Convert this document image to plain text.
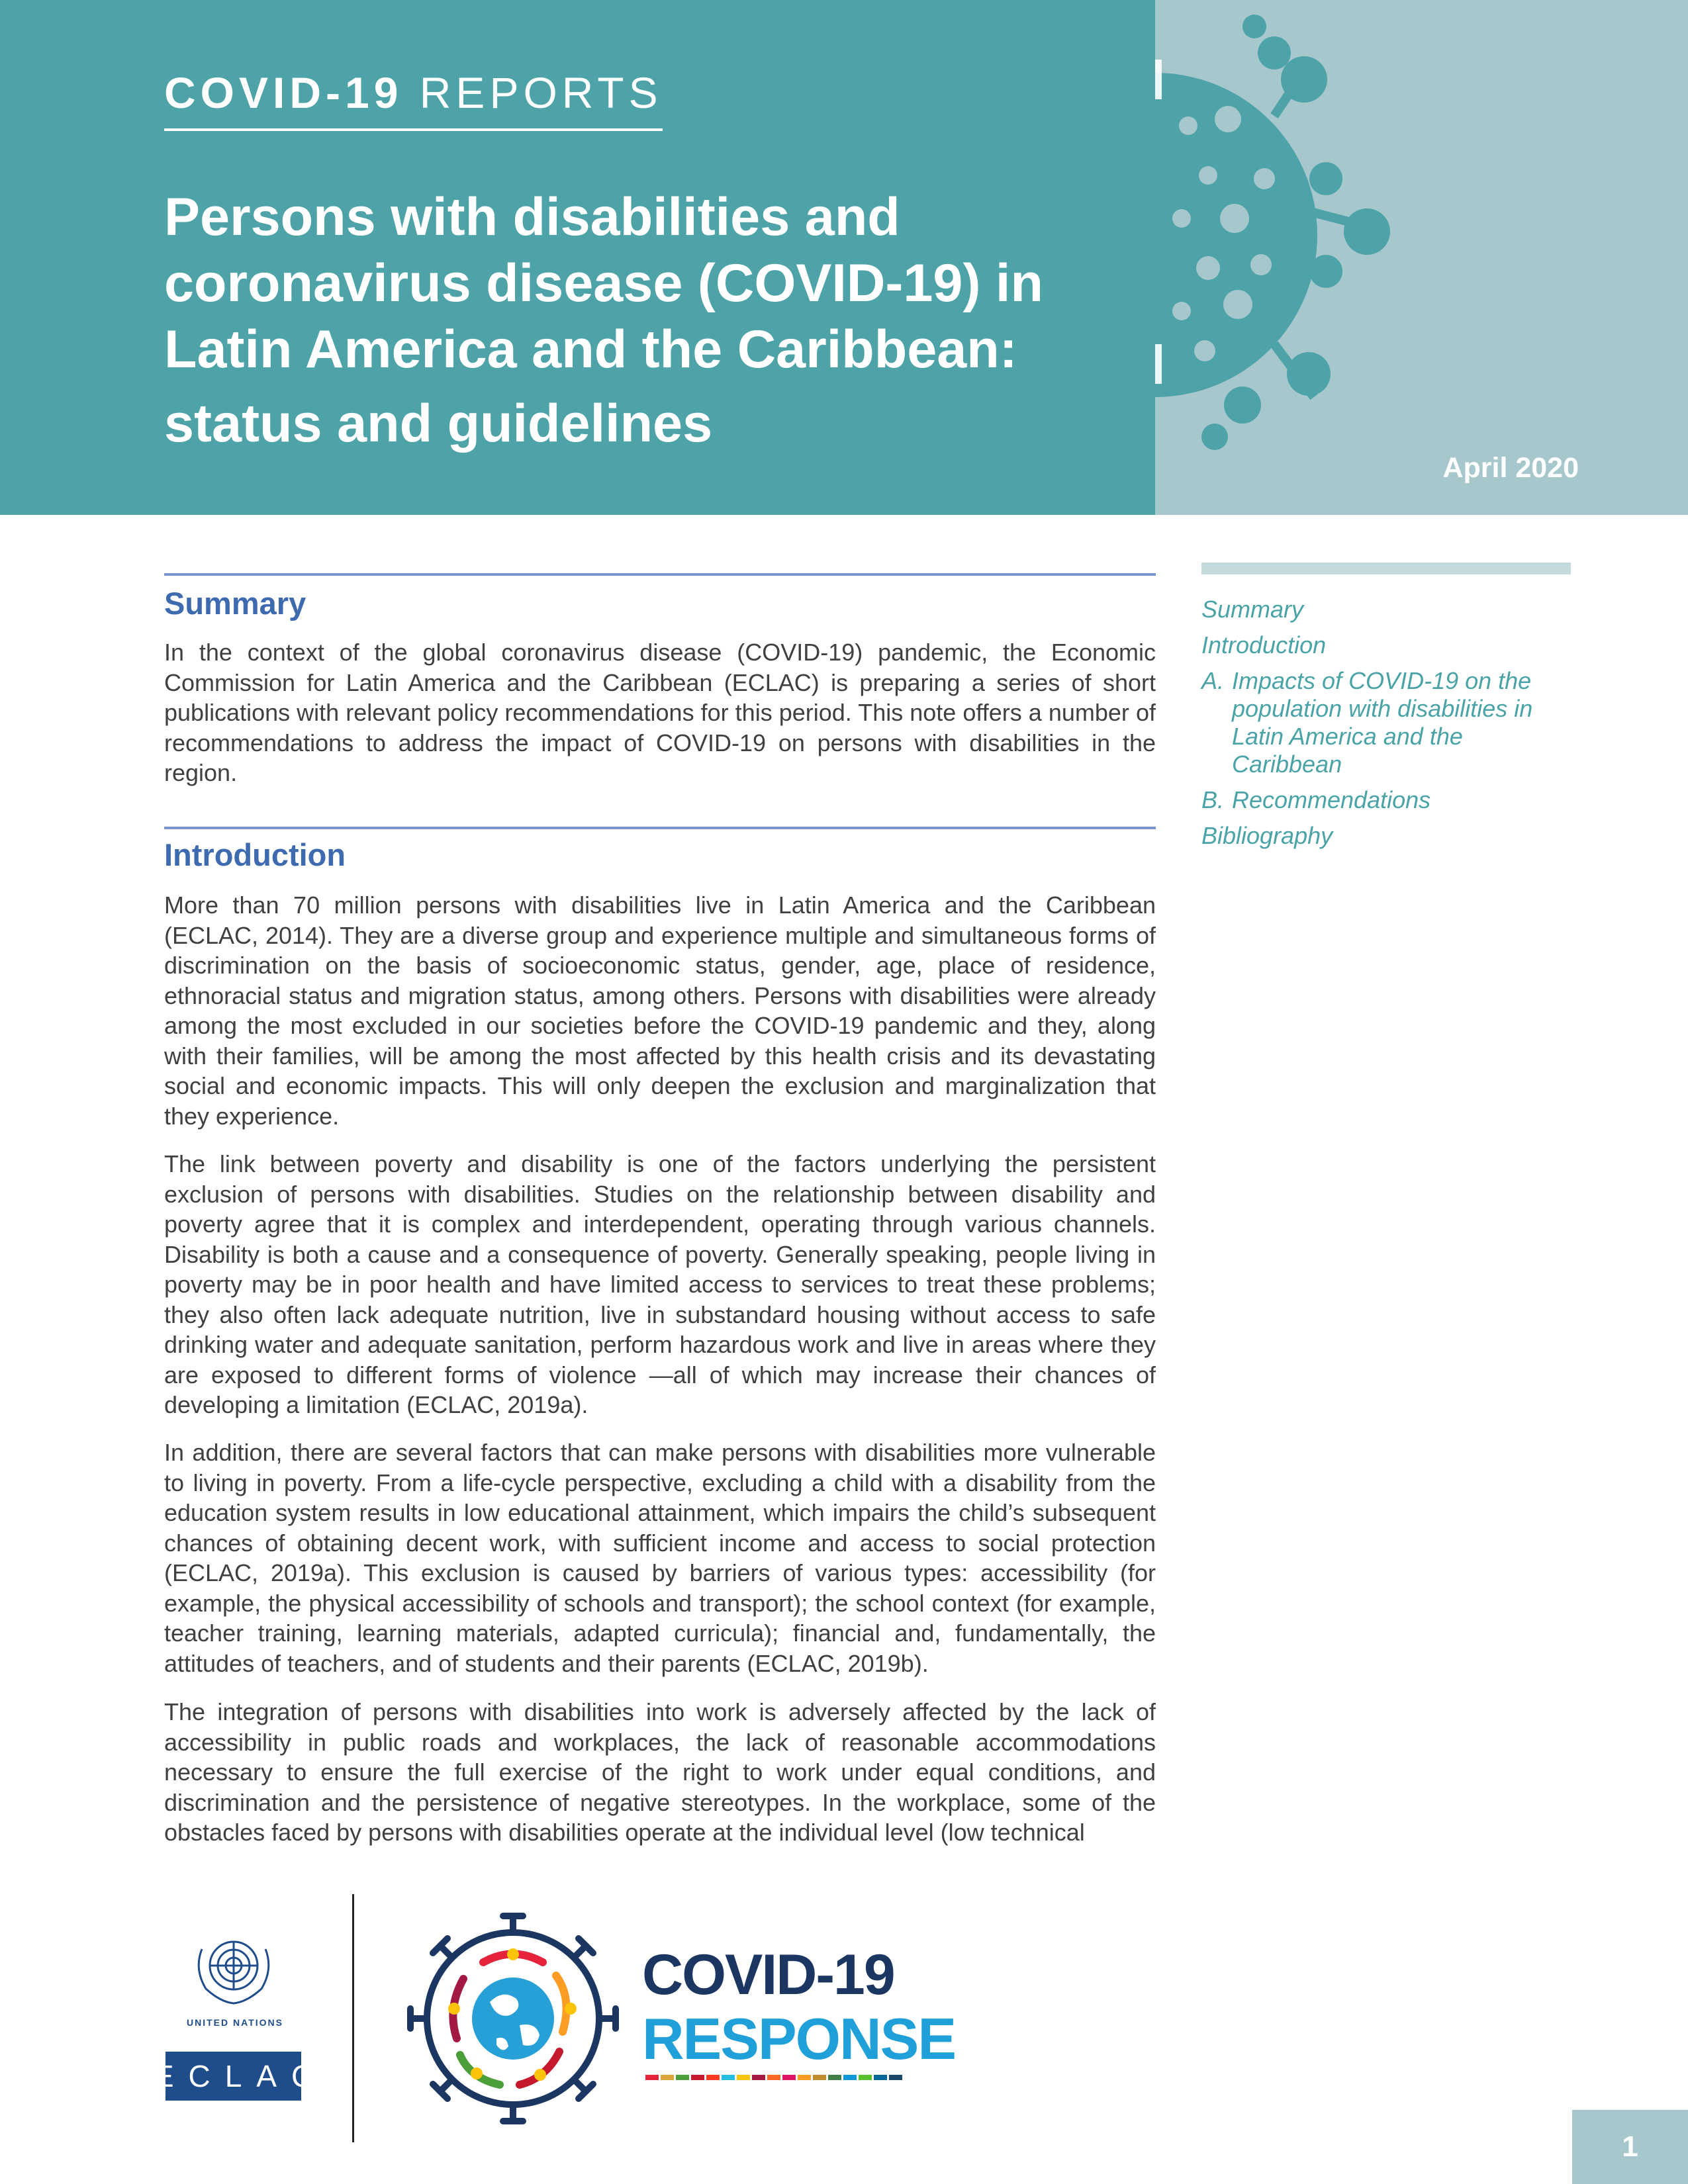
COVID-19 REPORTS
Persons with disabilities and
coronavirus disease (COVID-19) in
Latin America and the Caribbean:
status and guidelines
April 2020
Summary

In the context of the global coronavirus disease (COVID-19) pandemic, the Economic Commission for Latin America and the Caribbean (ECLAC) is preparing a series of short publications with relevant policy recommendations for this period. This note offers a number of recommendations to address the impact of COVID-19 on persons with disabilities in the region.

Introduction

More than 70 million persons with disabilities live in Latin America and the Caribbean (ECLAC, 2014). They are a diverse group and experience multiple and simultaneous forms of discrimination on the basis of socioeconomic status, gender, age, place of residence, ethnoracial status and migration status, among others. Persons with disabilities were already among the most excluded in our societies before the COVID-19 pandemic and they, along with their families, will be among the most affected by this health crisis and its devastating social and economic impacts. This will only deepen the exclusion and marginalization that they experience.

The link between poverty and disability is one of the factors underlying the persistent exclusion of persons with disabilities. Studies on the relationship between disability and poverty agree that it is complex and interdependent, operating through various channels. Disability is both a cause and a consequence of poverty. Generally speaking, people living in poverty may be in poor health and have limited access to services to treat these problems; they also often lack adequate nutrition, live in substandard housing without access to safe drinking water and adequate sanitation, perform hazardous work and live in areas where they are exposed to different forms of violence —all of which may increase their chances of developing a limitation (ECLAC, 2019a).

In addition, there are several factors that can make persons with disabilities more vulnerable to living in poverty. From a life-cycle perspective, excluding a child with a disability from the education system results in low educational attainment, which impairs the child’s subsequent chances of obtaining decent work, with sufficient income and access to social protection (ECLAC, 2019a). This exclusion is caused by barriers of various types: accessibility (for example, the physical accessibility of schools and transport); the school context (for example, teacher training, learning materials, adapted curricula); financial and, fundamentally, the attitudes of teachers, and of students and their parents (ECLAC, 2019b).

The integration of persons with disabilities into work is adversely affected by the lack of accessibility in public roads and workplaces, the lack of reasonable accommodations necessary to ensure the full exercise of the right to work under equal conditions, and discrimination and the persistence of negative stereotypes. In the workplace, some of the obstacles faced by persons with disabilities operate at the individual level (low technical

Summary
Introduction
A. Impacts of COVID-19 on the population with disabilities in Latin America and the Caribbean
B. Recommendations
Bibliography
UNITED NATIONS
ECLAC
COVID-19
RESPONSE
1
